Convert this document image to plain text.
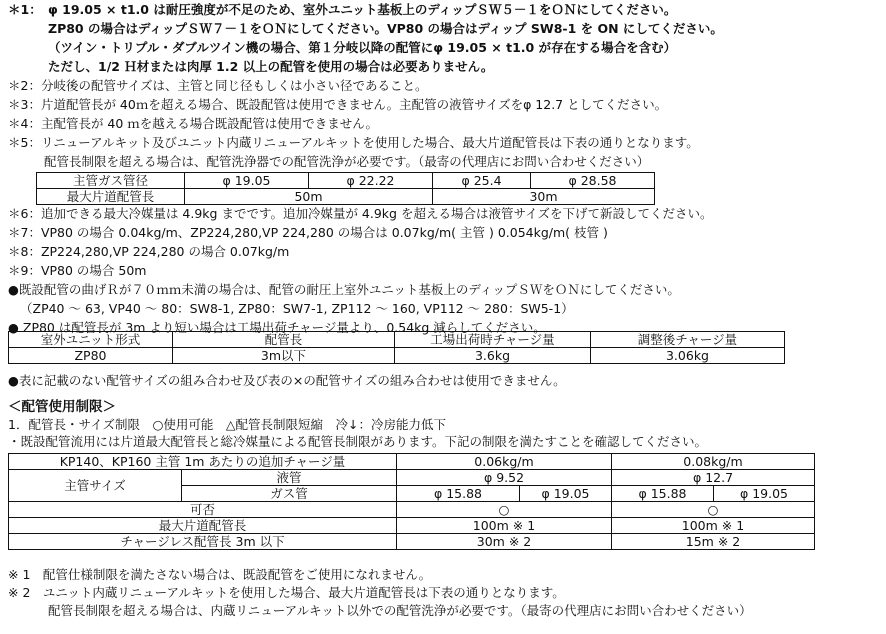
＊1： φ 19.05 × t1.0 は耐圧強度が不足のため、室外ユニット基板上のディップＳＷ５－１をＯＮにしてください。
ZP80 の場合はディップＳＷ７－１をＯＮにしてください。VP80 の場合はディップ SW8-1 を ON にしてください。
（ツイン・トリプル・ダブルツイン機の場合、第１分岐以降の配管にφ 19.05 × t1.0 が存在する場合を含む）
ただし、1/2 Ｈ材または肉厚 1.2 以上の配管を使用の場合は必要ありません。
＊2：分岐後の配管サイズは、主管と同じ径もしくは小さい径であること。
＊3：片道配管長が 40ｍを超える場合、既設配管は使用できません。主配管の液管サイズをφ 12.7 としてください。
＊4：主配管長が 40 ｍを越える場合既設配管は使用できません。
＊5：リニューアルキット及びユニット内蔵リニューアルキットを使用した場合、最大片道配管長は下表の通りとなります。
配管長制限を超える場合は、配管洗浄器での配管洗浄が必要です。（最寄の代理店にお問い合わせください）
主管ガス管径	φ 19.05	φ 22.22	φ 25.4	φ 28.58
最大片道配管長	50m		30m	
＊6：追加できる最大冷媒量は 4.9kg までです。追加冷媒量が 4.9kg を超える場合は液管サイズを下げて新設してください。
＊7：VP80 の場合 0.04kg/m、ZP224,280,VP 224,280 の場合は 0.07kg/m( 主管 ) 0.054kg/m( 枝管 )
＊8：ZP224,280,VP 224,280 の場合 0.07kg/m
＊9：VP80 の場合 50m
●既設配管の曲げＲが７０ｍｍ未満の場合は、配管の耐圧上室外ユニット基板上のディップＳＷをＯＮにしてください。
（ZP40 ～ 63, VP40 ～ 80：SW8-1, ZP80：SW7-1, ZP112 ～ 160, VP112 ～ 280：SW5-1）
● ZP80 は配管長が 3m より短い場合は工場出荷チャージ量より、0.54kg 減らしてください。
室外ユニット形式	配管長	工場出荷時チャージ量	調整後チャージ量
ZP80	3m以下	3.6kg	3.06kg
●表に記載のない配管サイズの組み合わせ及び表の×の配管サイズの組み合わせは使用できません。
＜配管使用制限＞
1．配管長・サイズ制限　○使用可能　△配管長制限短縮　冷↓：冷房能力低下
・既設配管流用には片道最大配管長と総冷媒量による配管長制限があります。下記の制限を満たすことを確認してください。
KP140、KP160 主管 1m あたりの追加チャージ量		0.06kg/m		0.08kg/m	
主管サイズ	液管	φ 9.52		φ 12.7	
	ガス管	φ 15.88	φ 19.05	φ 15.88	φ 19.05
可否		○		○	
最大片道配管長		100m ※ 1		100m ※ 1	
チャージレス配管長 3m 以下		30m ※ 2		15m ※ 2	
※ 1　配管仕様制限を満たさない場合は、既設配管をご使用になれません。
※ 2　ユニット内蔵リニューアルキットを使用した場合、最大片道配管長は下表の通りとなります。
配管長制限を超える場合は、内蔵リニューアルキット以外での配管洗浄が必要です。（最寄の代理店にお問い合わせください）
